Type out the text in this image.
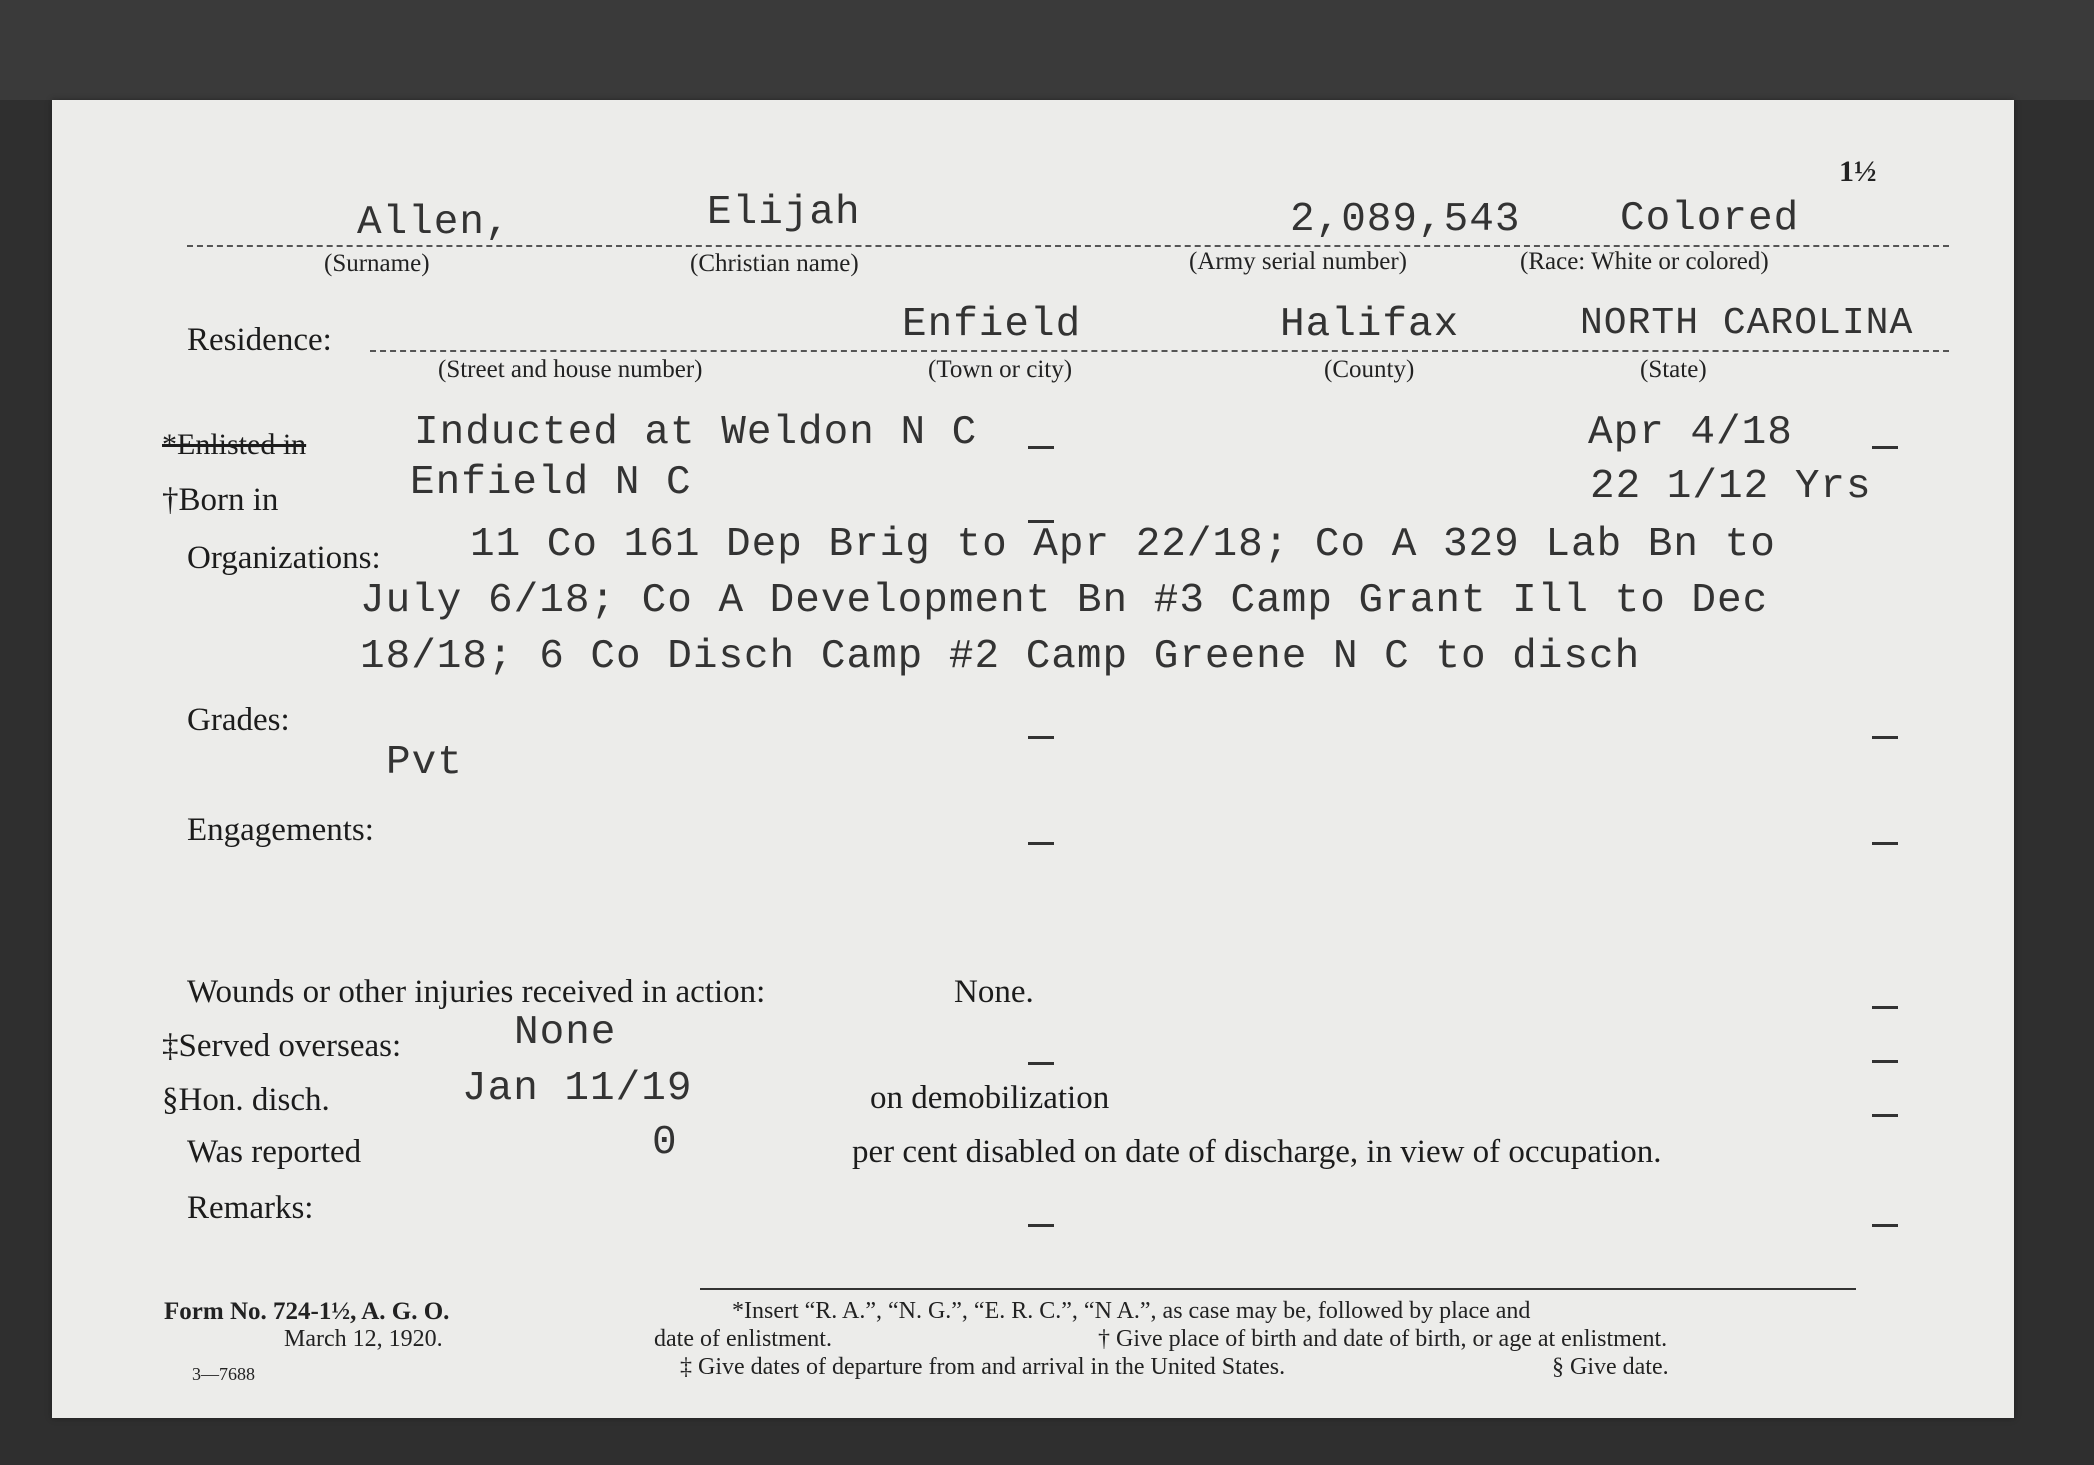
1½
Allen,	Elijah	2,089,543 Colored
(Surname)	(Christian name)	(Army serial number)	(Race: White or colored)
Residence:	Enfield	Halifax	NORTH CAROLINA
(Street and house number)	(Town or city)	(County)	(State)
*Enlisted in	Inducted at Weldon N C	Apr 4/18
†Born in	Enfield N C	22 1/12 Yrs
Organizations: 11 Co 161 Dep Brig to Apr 22/18; Co A 329 Lab Bn to
July 6/18; Co A Development Bn #3 Camp Grant Ill to Dec
18/18; 6 Co Disch Camp #2 Camp Greene N C to disch
Grades:
Pvt
Engagements:
Wounds or other injuries received in action:	None.
‡Served overseas:	None
§Hon. disch.	Jan 11/19	on demobilization
Was reported	0	per cent disabled on date of discharge, in view of occupation.
Remarks:
Form No. 724-1½, A. G. O.
March 12, 1920.
3—7688
*Insert “R. A.”, “N. G.”, “E. R. C.”, “N A.”, as case may be, followed by place and
date of enlistment.	† Give place of birth and date of birth, or age at enlistment.
‡ Give dates of departure from and arrival in the United States.	§ Give date.
